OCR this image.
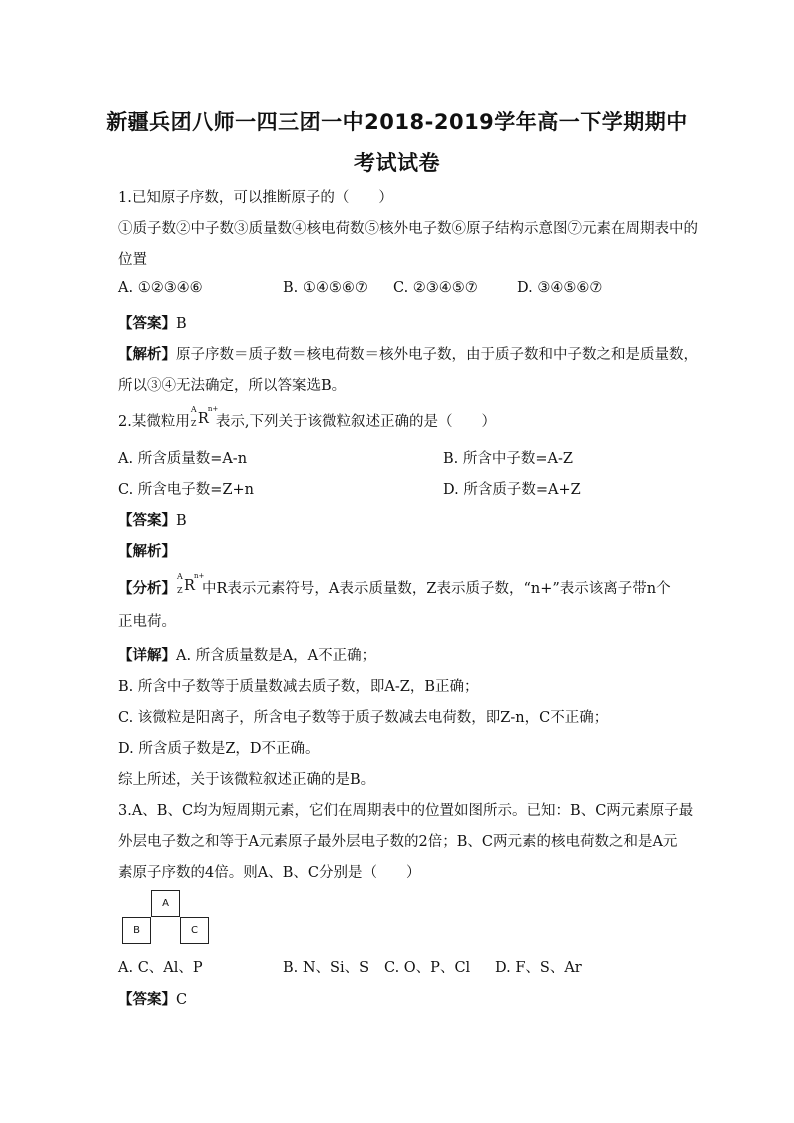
新疆兵团八师一四三团一中2018-2019学年高一下学期期中
考试试卷
1.已知原子序数，可以推断原子的（　　）
①质子数②中子数③质量数④核电荷数⑤核外电子数⑥原子结构示意图⑦元素在周期表中的
位置
A. ①②③④⑥	B. ①④⑤⑥⑦ C. ②③④⑤⑦	D. ③④⑤⑥⑦
【答案】B
【解析】原子序数＝质子数＝核电荷数＝核外电子数，由于质子数和中子数之和是质量数，
所以③④无法确定，所以答案选B。
2.某微粒用
A
Z R
n+
表示,下列关于该微粒叙述正确的是（　　）
A. 所含质量数=A-n	B. 所含中子数=A-Z
C. 所含电子数=Z+n	D. 所含质子数=A+Z
【答案】B
【解析】
【分析】
A
Z R
n+
中R表示元素符号，A表示质量数，Z表示质子数，“n+”表示该离子带n个
正电荷。
【详解】A. 所含质量数是A，A不正确；
B. 所含中子数等于质量数减去质子数，即A-Z，B正确；
C. 该微粒是阳离子，所含电子数等于质子数减去电荷数，即Z-n，C不正确；
D. 所含质子数是Z，D不正确。
综上所述，关于该微粒叙述正确的是B。
3.A、B、C均为短周期元素，它们在周期表中的位置如图所示。已知：B、C两元素原子最
外层电子数之和等于A元素原子最外层电子数的2倍；B、C两元素的核电荷数之和是A元
素原子序数的4倍。则A、B、C分别是（　　）
A
B	C
A. C、Al、P	B. N、Si、S C. O、P、Cl D. F、S、Ar
【答案】C
